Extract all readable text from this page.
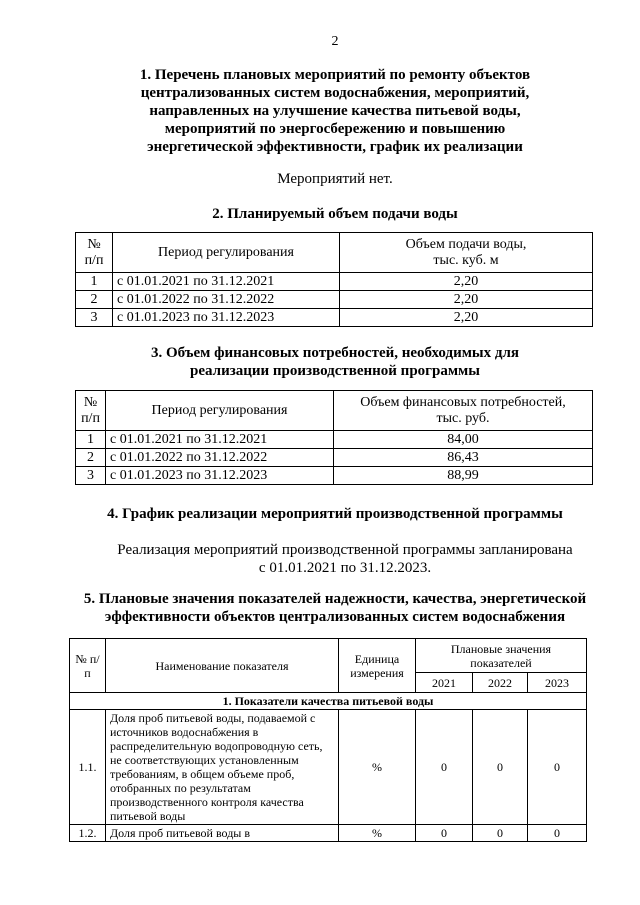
2
1. Перечень плановых мероприятий по ремонту объектов
централизованных систем водоснабжения, мероприятий,
направленных на улучшение качества питьевой воды,
мероприятий по энергосбережению и повышению
энергетической эффективности, график их реализации
Мероприятий нет.
2. Планируемый объем подачи воды
№ п/п	Период регулирования	Объем подачи воды,
тыс. куб. м

1	с 01.01.2021 по 31.12.2021	2,20
2	с 01.01.2022 по 31.12.2022	2,20
3	с 01.01.2023 по 31.12.2023	2,20
3. Объем финансовых потребностей, необходимых для
реализации производственной программы
№ п/п	Период регулирования	Объем финансовых потребностей,
тыс. руб.

1	с 01.01.2021 по 31.12.2021	84,00
2	с 01.01.2022 по 31.12.2022	86,43
3	с 01.01.2023 по 31.12.2023	88,99
4. График реализации мероприятий производственной программы
Реализация мероприятий производственной программы запланирована
с 01.01.2021 по 31.12.2023.
5. Плановые значения показателей надежности, качества, энергетической
эффективности объектов централизованных систем водоснабжения
№ п/п	Наименование показателя	Единица измерения	Плановые значения показателей		
			2021	2022	2023
1. Показатели качества питьевой воды					
1.1.	Доля проб питьевой воды, подаваемой с источников водоснабжения в распределительную водопроводную сеть, не соответствующих установленным требованиям, в общем объеме проб, отобранных по результатам производственного контроля качества питьевой воды	%	0	0	0
1.2.	Доля проб питьевой воды в	%	0	0	0
